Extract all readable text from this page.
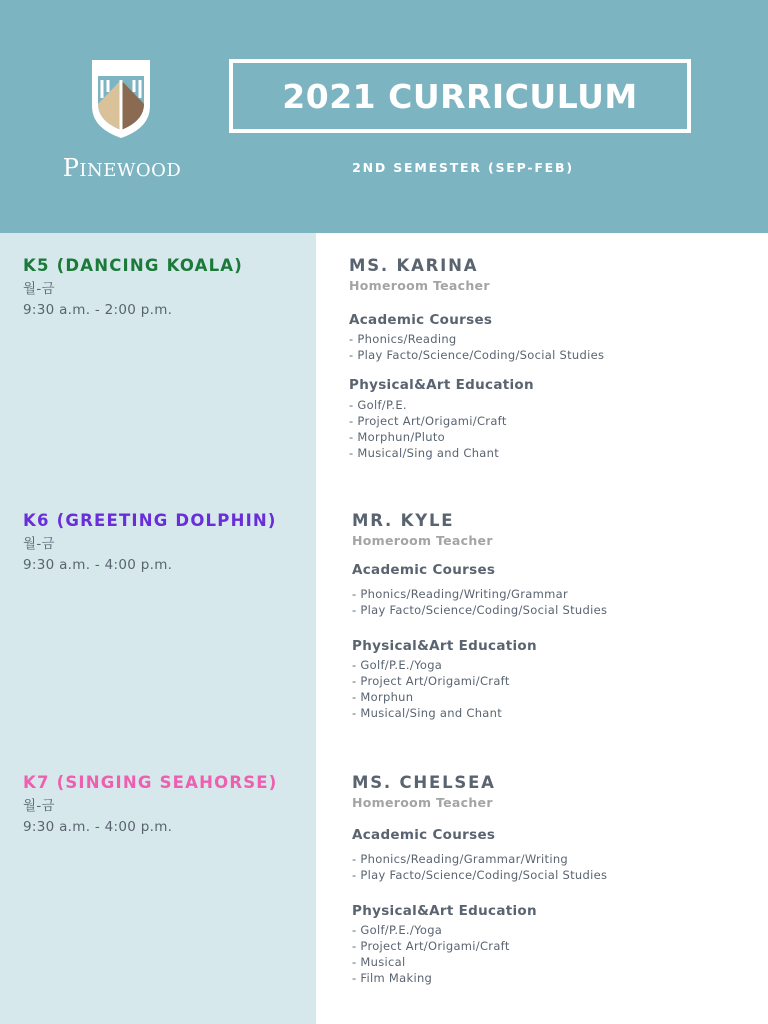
PINEWOOD
2021 CURRICULUM
2ND SEMESTER (SEP-FEB)
K5 (DANCING KOALA)
월-금
9:30 a.m. - 2:00 p.m.
MS. KARINA
Homeroom Teacher
Academic Courses
- Phonics/Reading
- Play Facto/Science/Coding/Social Studies
Physical&Art Education
- Golf/P.E.
- Project Art/Origami/Craft
- Morphun/Pluto
- Musical/Sing and Chant
K6 (GREETING DOLPHIN)
월-금
9:30 a.m. - 4:00 p.m.
MR. KYLE
Homeroom Teacher
Academic Courses
- Phonics/Reading/Writing/Grammar
- Play Facto/Science/Coding/Social Studies
Physical&Art Education
- Golf/P.E./Yoga
- Project Art/Origami/Craft
- Morphun
- Musical/Sing and Chant
K7 (SINGING SEAHORSE)
월-금
9:30 a.m. - 4:00 p.m.
MS. CHELSEA
Homeroom Teacher
Academic Courses
- Phonics/Reading/Grammar/Writing
- Play Facto/Science/Coding/Social Studies
Physical&Art Education
- Golf/P.E./Yoga
- Project Art/Origami/Craft
- Musical
- Film Making
